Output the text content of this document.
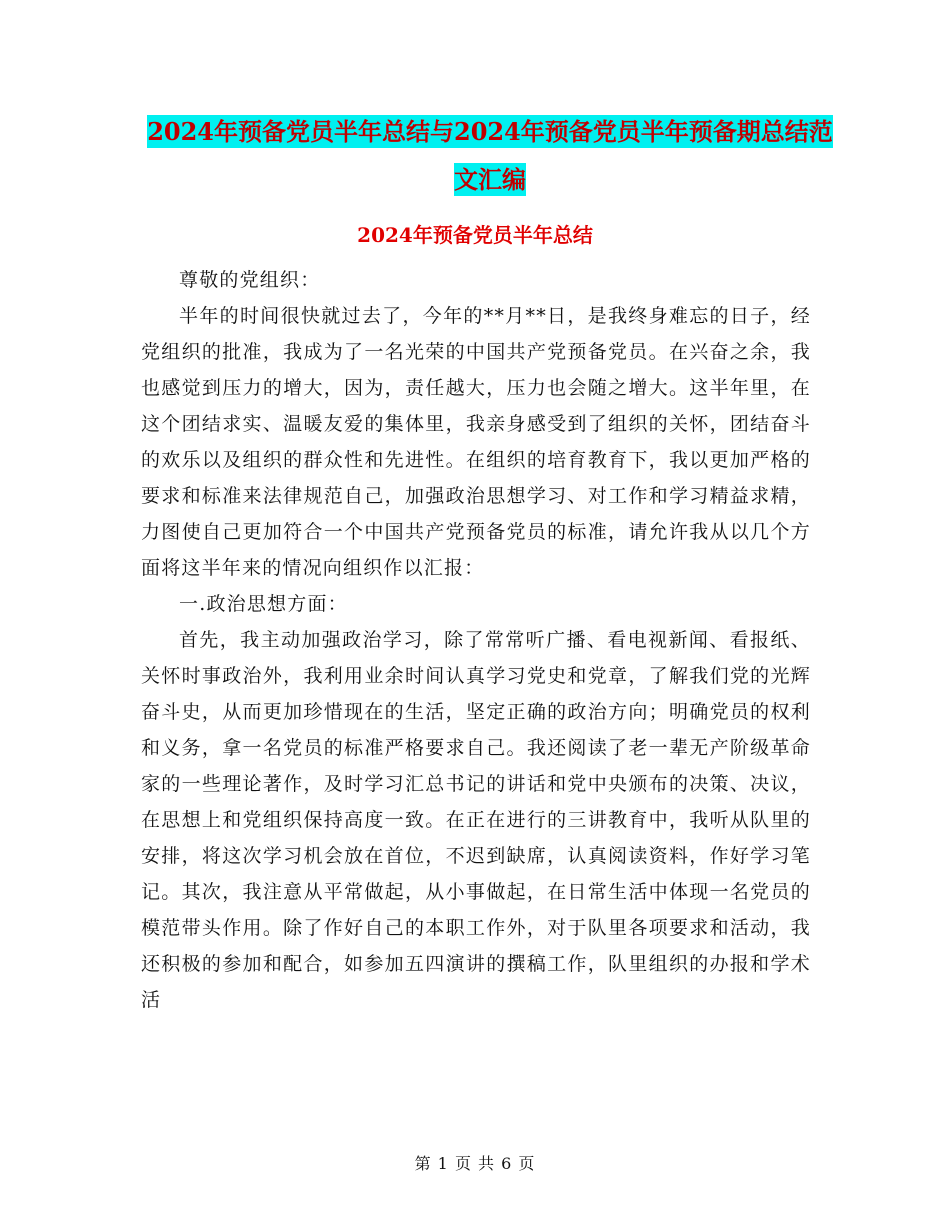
2024年预备党员半年总结与2024年预备党员半年预备期总结范文汇编
2024年预备党员半年总结

尊敬的党组织：

半年的时间很快就过去了，今年的**月**日，是我终身难忘的日子，经党组织的批准，我成为了一名光荣的中国共产党预备党员。在兴奋之余，我也感觉到压力的增大，因为，责任越大，压力也会随之增大。这半年里，在这个团结求实、温暖友爱的集体里，我亲身感受到了组织的关怀，团结奋斗的欢乐以及组织的群众性和先进性。在组织的培育教育下，我以更加严格的要求和标准来法律规范自己，加强政治思想学习、对工作和学习精益求精，力图使自己更加符合一个中国共产党预备党员的标准，请允许我从以几个方面将这半年来的情况向组织作以汇报：

一.政治思想方面：

首先，我主动加强政治学习，除了常常听广播、看电视新闻、看报纸、关怀时事政治外，我利用业余时间认真学习党史和党章，了解我们党的光辉奋斗史，从而更加珍惜现在的生活，坚定正确的政治方向；明确党员的权利和义务，拿一名党员的标准严格要求自己。我还阅读了老一辈无产阶级革命家的一些理论著作，及时学习汇总书记的讲话和党中央颁布的决策、决议，在思想上和党组织保持高度一致。在正在进行的三讲教育中，我听从队里的安排，将这次学习机会放在首位，不迟到缺席，认真阅读资料，作好学习笔记。其次，我注意从平常做起，从小事做起，在日常生活中体现一名党员的模范带头作用。除了作好自己的本职工作外，对于队里各项要求和活动，我还积极的参加和配合，如参加五四演讲的撰稿工作，队里组织的办报和学术活

第 1 页 共 6 页
